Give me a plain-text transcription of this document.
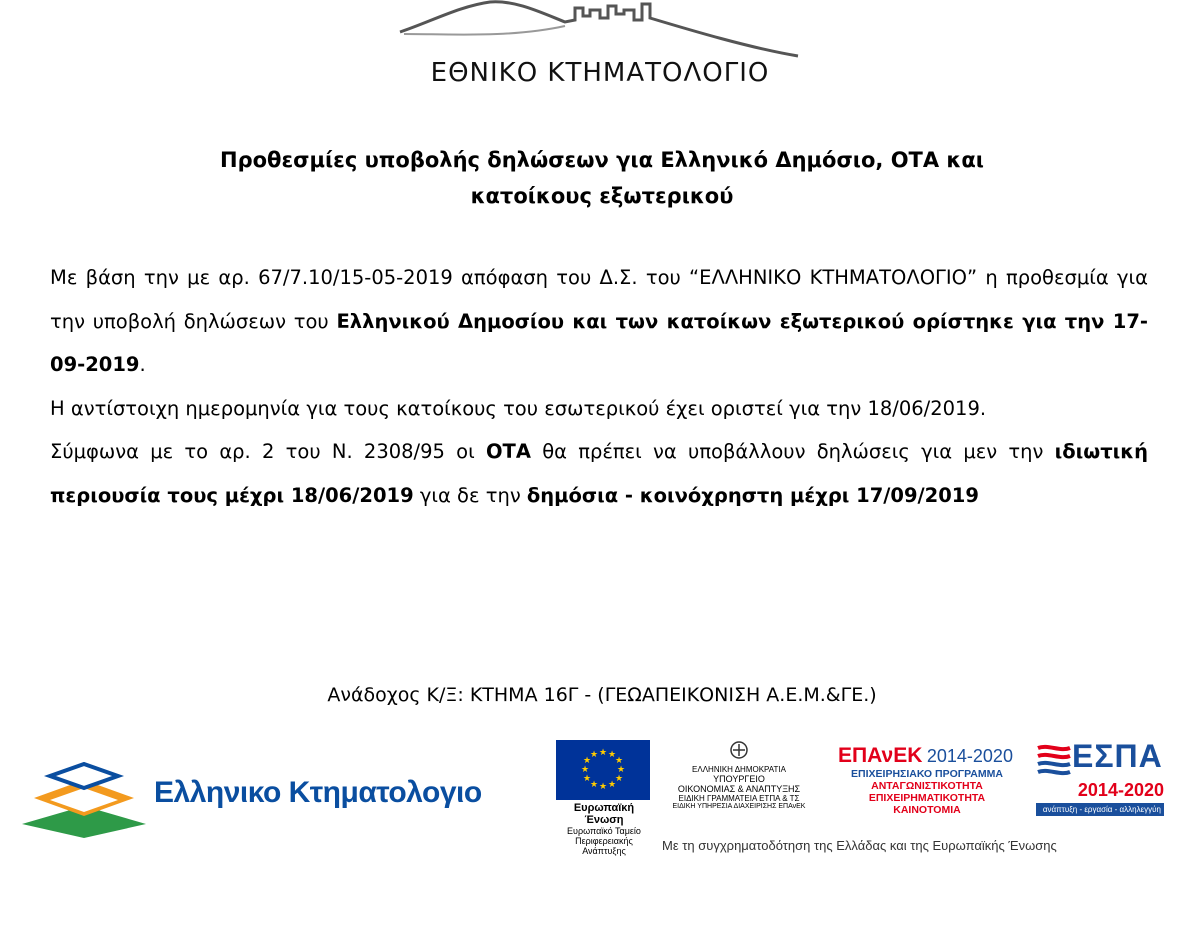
ΕΘΝΙΚΟ ΚΤΗΜΑΤΟΛΟΓΙΟ
Προθεσμίες υποβολής δηλώσεων για Ελληνικό Δημόσιο, ΟΤΑ και
κατοίκους εξωτερικού

Με βάση την με αρ. 67/7.10/15-05-2019 απόφαση του Δ.Σ. του “ΕΛΛΗΝΙΚΟ ΚΤΗΜΑΤΟΛΟΓΙΟ” η προθεσμία για την υποβολή δηλώσεων του Ελληνικού Δημοσίου και των κατοίκων εξωτερικού ορίστηκε για την 17-09-2019.

Η αντίστοιχη ημερομηνία για τους κατοίκους του εσωτερικού έχει οριστεί για την 18/06/2019.

Σύμφωνα με το αρ. 2 του Ν. 2308/95 οι ΟΤΑ θα πρέπει να υποβάλλουν δηλώσεις για μεν την ιδιωτική περιουσία τους μέχρι 18/06/2019 για δε την δημόσια - κοινόχρηστη μέχρι 17/09/2019

Ανάδοχος Κ/Ξ: ΚΤΗΜΑ 16Γ - (ΓΕΩΑΠΕΙΚΟΝΙΣΗ Α.Ε.Μ.&ΓΕ.)
Ελληνικο Κτηματολογιο
★ ★
★
★
★
★
★
★
★
★
★
★
Ευρωπαϊκή Ένωση
Ευρωπαϊκό Ταμείο
Περιφερειακής Ανάπτυξης
ΕΛΛΗΝΙΚΗ ΔΗΜΟΚΡΑΤΙΑ
ΥΠΟΥΡΓΕΙΟ
ΟΙΚΟΝΟΜΙΑΣ & ΑΝΑΠΤΥΞΗΣ
ΕΙΔΙΚΗ ΓΡΑΜΜΑΤΕΙΑ ΕΤΠΑ & ΤΣ
ΕΙΔΙΚΗ ΥΠΗΡΕΣΙΑ ΔΙΑΧΕΙΡΙΣΗΣ ΕΠΑνΕΚ
ΕΠΑνΕΚ 2014-2020
ΕΠΙΧΕΙΡΗΣΙΑΚΟ ΠΡΟΓΡΑΜΜΑ
ΑΝΤΑΓΩΝΙΣΤΙΚΟΤΗΤΑ
ΕΠΙΧΕΙΡΗΜΑΤΙΚΟΤΗΤΑ
ΚΑΙΝΟΤΟΜΙΑ
ΕΣΠΑ
2014-2020
ανάπτυξη - εργασία - αλληλεγγύη
Με τη συγχρηματοδότηση της Ελλάδας και της Ευρωπαϊκής Ένωσης
